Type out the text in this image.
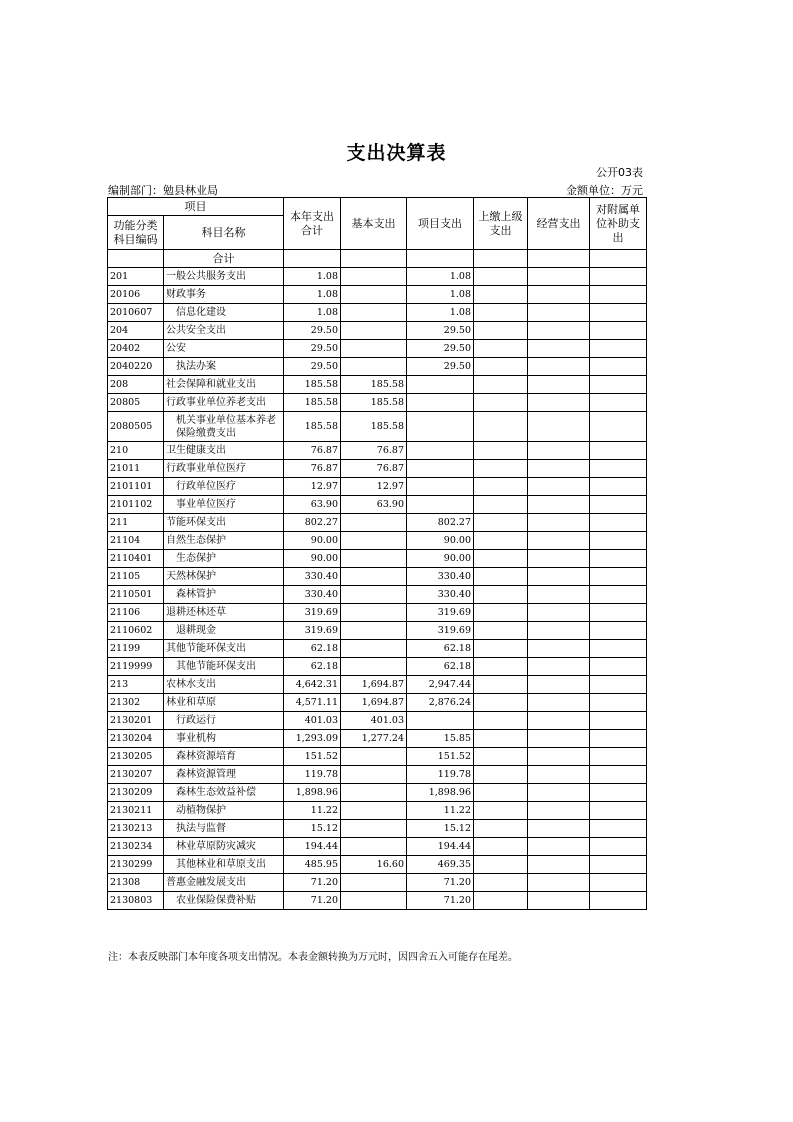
支出决算表
公开03表
编制部门：勉县林业局	金额单位：万元
项目		本年支出合计	基本支出	项目支出	上缴上级支出	经营支出	对附属单位补助支出
功能分类科目编码	科目名称						
	合计						
201	一般公共服务支出	1.08		1.08			
20106	财政事务	1.08		1.08			
2010607	信息化建设	1.08		1.08			
204	公共安全支出	29.50		29.50			
20402	公安	29.50		29.50			
2040220	执法办案	29.50		29.50			
208	社会保障和就业支出	185.58	185.58				
20805	行政事业单位养老支出	185.58	185.58				
2080505	机关事业单位基本养老保险缴费支出	185.58	185.58				
210	卫生健康支出	76.87	76.87				
21011	行政事业单位医疗	76.87	76.87				
2101101	行政单位医疗	12.97	12.97				
2101102	事业单位医疗	63.90	63.90				
211	节能环保支出	802.27		802.27			
21104	自然生态保护	90.00		90.00			
2110401	生态保护	90.00		90.00			
21105	天然林保护	330.40		330.40			
2110501	森林管护	330.40		330.40			
21106	退耕还林还草	319.69		319.69			
2110602	退耕现金	319.69		319.69			
21199	其他节能环保支出	62.18		62.18			
2119999	其他节能环保支出	62.18		62.18			
213	农林水支出	4,642.31	1,694.87	2,947.44			
21302	林业和草原	4,571.11	1,694.87	2,876.24			
2130201	行政运行	401.03	401.03				
2130204	事业机构	1,293.09	1,277.24	15.85			
2130205	森林资源培育	151.52		151.52			
2130207	森林资源管理	119.78		119.78			
2130209	森林生态效益补偿	1,898.96		1,898.96			
2130211	动植物保护	11.22		11.22			
2130213	执法与监督	15.12		15.12			
2130234	林业草原防灾减灾	194.44		194.44			
2130299	其他林业和草原支出	485.95	16.60	469.35			
21308	普惠金融发展支出	71.20		71.20			
2130803	农业保险保费补贴	71.20		71.20			
注：本表反映部门本年度各项支出情况。本表金额转换为万元时，因四舍五入可能存在尾差。
